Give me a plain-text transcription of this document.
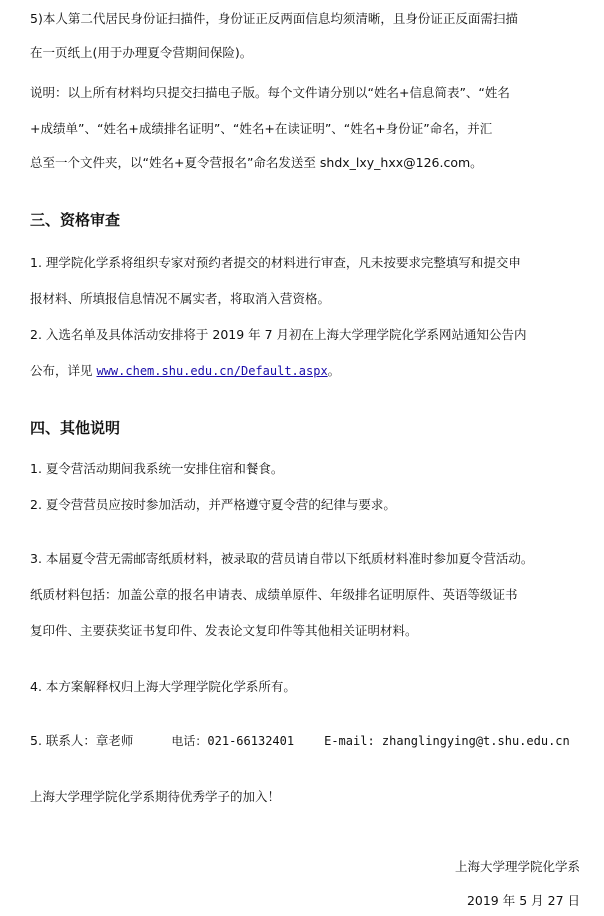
5)本人第二代居民身份证扫描件，身份证正反两面信息均须清晰，且身份证正反面需扫描
在一页纸上(用于办理夏令营期间保险)。
说明：以上所有材料均只提交扫描电子版。每个文件请分别以“姓名+信息简表”、“姓名
+成绩单”、“姓名+成绩排名证明”、“姓名+在读证明”、“姓名+身份证”命名，并汇
总至一个文件夹，以“姓名+夏令营报名”命名发送至 shdx_lxy_hxx@126.com。
三、资格审查
1. 理学院化学系将组织专家对预约者提交的材料进行审查，凡未按要求完整填写和提交申
报材料、所填报信息情况不属实者，将取消入营资格。
2. 入选名单及具体活动安排将于 2019 年 7 月初在上海大学理学院化学系网站通知公告内
公布，详见 www.chem.shu.edu.cn/Default.aspx。
四、其他说明
1. 夏令营活动期间我系统一安排住宿和餐食。
2. 夏令营营员应按时参加活动，并严格遵守夏令营的纪律与要求。
3. 本届夏令营无需邮寄纸质材料，被录取的营员请自带以下纸质材料准时参加夏令营活动。
纸质材料包括：加盖公章的报名申请表、成绩单原件、年级排名证明原件、英语等级证书
复印件、主要获奖证书复印件、发表论文复印件等其他相关证明材料。
4. 本方案解释权归上海大学理学院化学系所有。
5. 联系人：章老师	电话：021-66132401	E-mail: zhanglingying@t.shu.edu.cn
上海大学理学院化学系期待优秀学子的加入！
上海大学理学院化学系
2019 年 5 月 27 日
